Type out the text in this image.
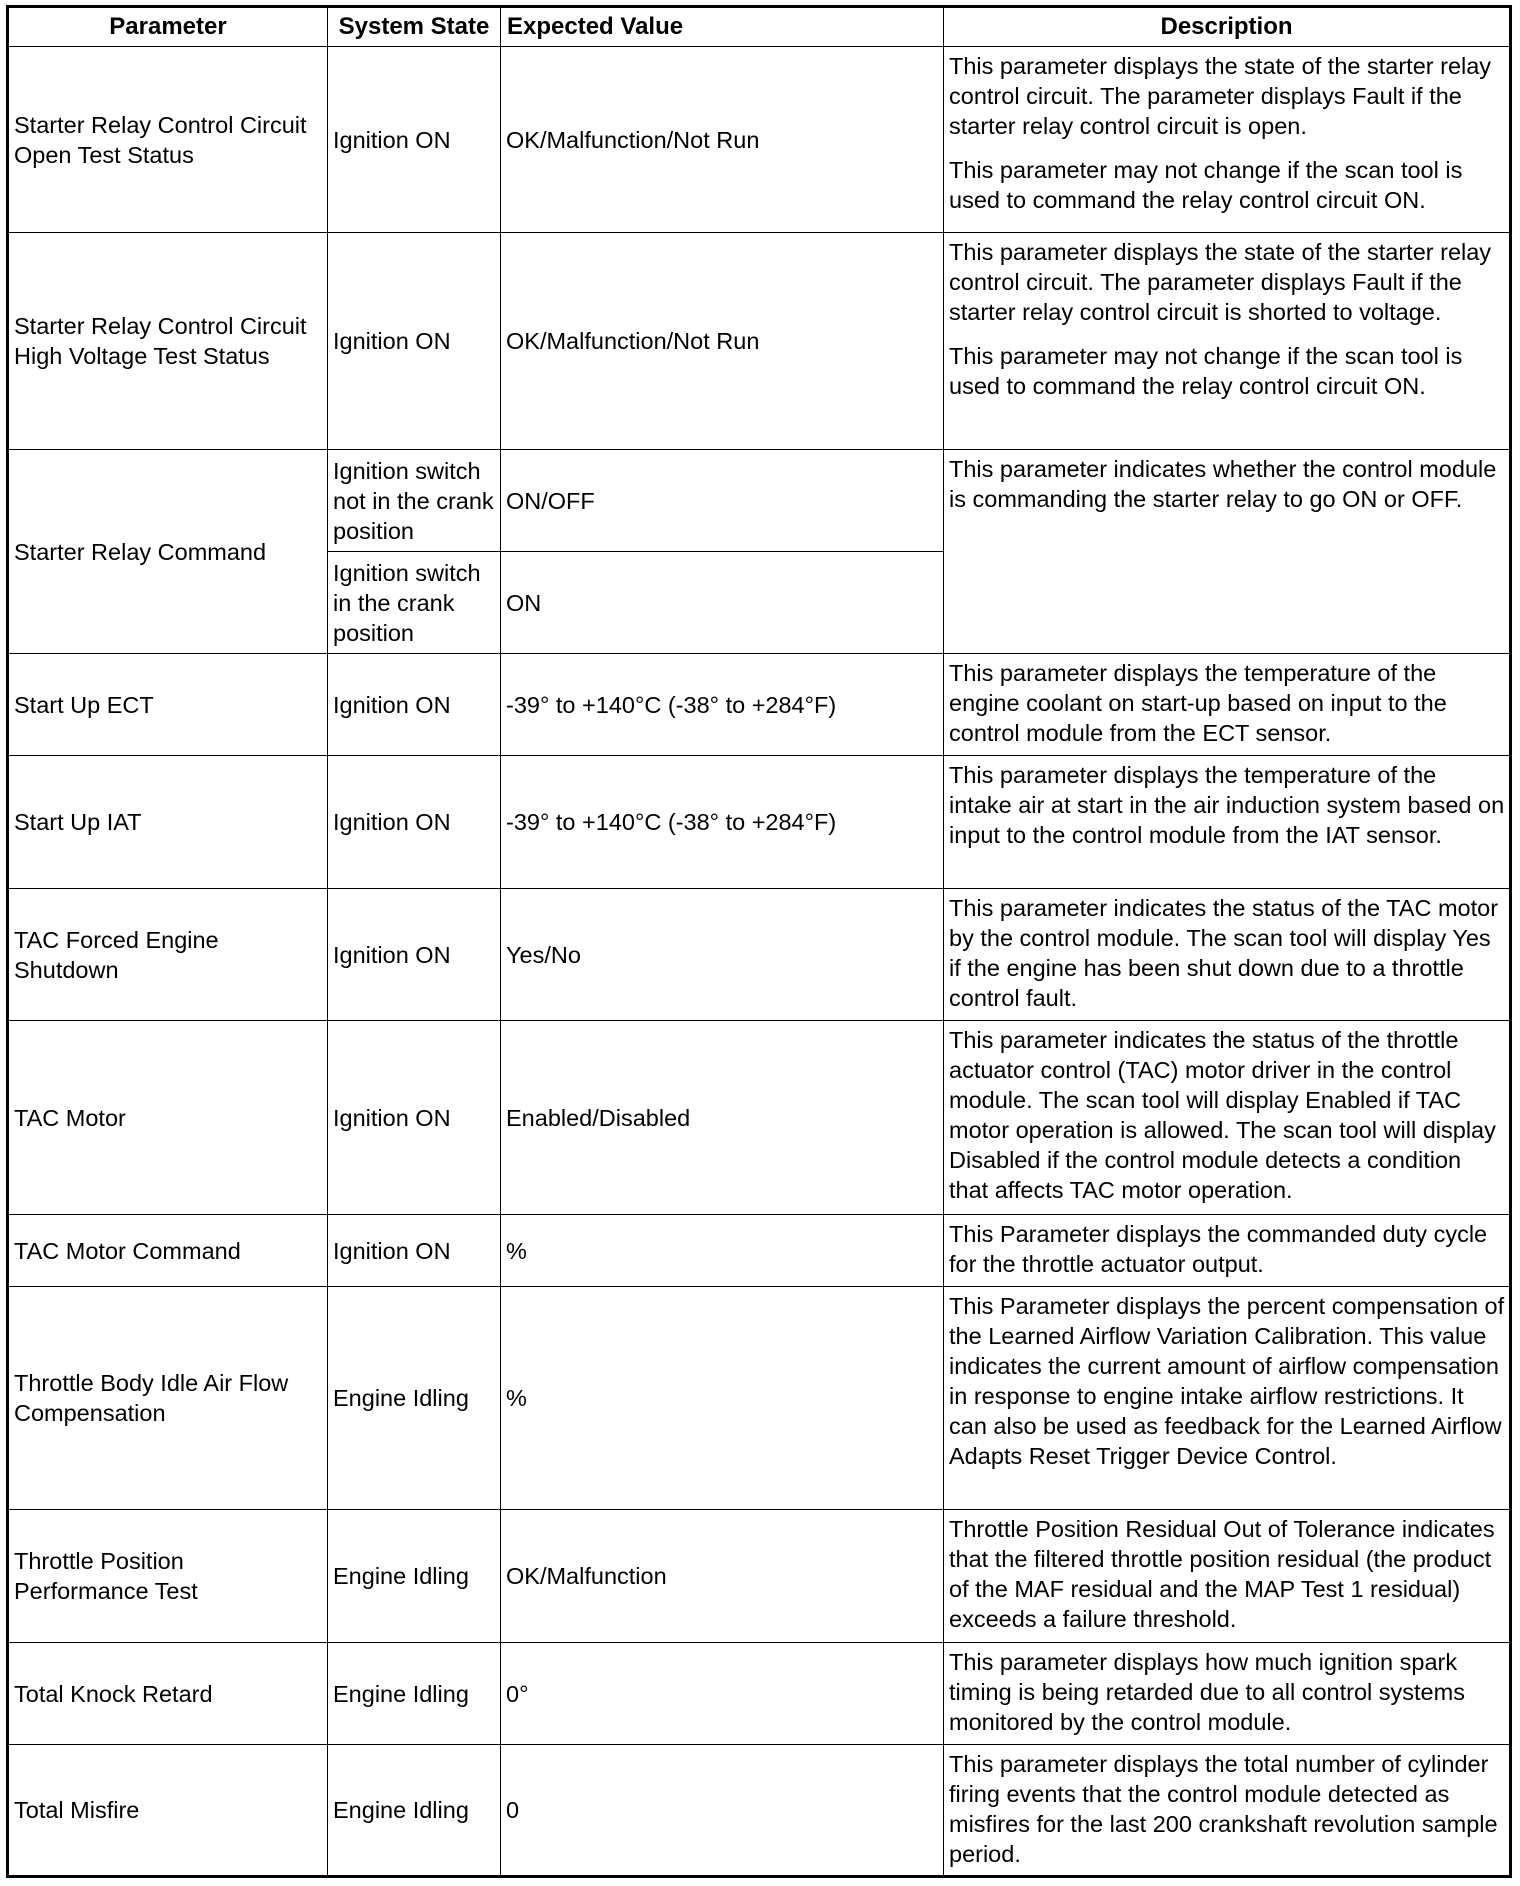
Parameter	System State	Expected Value	Description
Starter Relay Control Circuit Open Test Status	Ignition ON	OK/Malfunction/Not Run	This parameter displays the state of the starter relay control circuit. The parameter displays Fault if the starter relay control circuit is open.

This parameter may not change if the scan tool is used to command the relay control circuit ON.

Starter Relay Control Circuit High Voltage Test Status	Ignition ON	OK/Malfunction/Not Run	This parameter displays the state of the starter relay control circuit. The parameter displays Fault if the starter relay control circuit is shorted to voltage.

This parameter may not change if the scan tool is used to command the relay control circuit ON.

Starter Relay Command	Ignition switch not in the crank position	ON/OFF	This parameter indicates whether the control module is commanding the starter relay to go ON or OFF.

	Ignition switch in the crank position	ON	
Start Up ECT	Ignition ON	-39° to +140°C (-38° to +284°F)	This parameter displays the temperature of the engine coolant on start-up based on input to the control module from the ECT sensor.

Start Up IAT	Ignition ON	-39° to +140°C (-38° to +284°F)	This parameter displays the temperature of the intake air at start in the air induction system based on input to the control module from the IAT sensor.

TAC Forced Engine Shutdown	Ignition ON	Yes/No	This parameter indicates the status of the TAC motor by the control module. The scan tool will display Yes if the engine has been shut down due to a throttle control fault.

TAC Motor	Ignition ON	Enabled/Disabled	This parameter indicates the status of the throttle actuator control (TAC) motor driver in the control module. The scan tool will display Enabled if TAC motor operation is allowed. The scan tool will display Disabled if the control module detects a condition that affects TAC motor operation.

TAC Motor Command	Ignition ON	%	This Parameter displays the commanded duty cycle for the throttle actuator output.

Throttle Body Idle Air Flow Compensation	Engine Idling	%	This Parameter displays the percent compensation of the Learned Airflow Variation Calibration. This value indicates the current amount of airflow compensation in response to engine intake airflow restrictions. It can also be used as feedback for the Learned Airflow Adapts Reset Trigger Device Control.

Throttle Position Performance Test	Engine Idling	OK/Malfunction	Throttle Position Residual Out of Tolerance indicates that the filtered throttle position residual (the product of the MAF residual and the MAP Test 1 residual) exceeds a failure threshold.

Total Knock Retard	Engine Idling	0°	This parameter displays how much ignition spark timing is being retarded due to all control systems monitored by the control module.

Total Misfire	Engine Idling	0	This parameter displays the total number of cylinder firing events that the control module detected as misfires for the last 200 crankshaft revolution sample period.
